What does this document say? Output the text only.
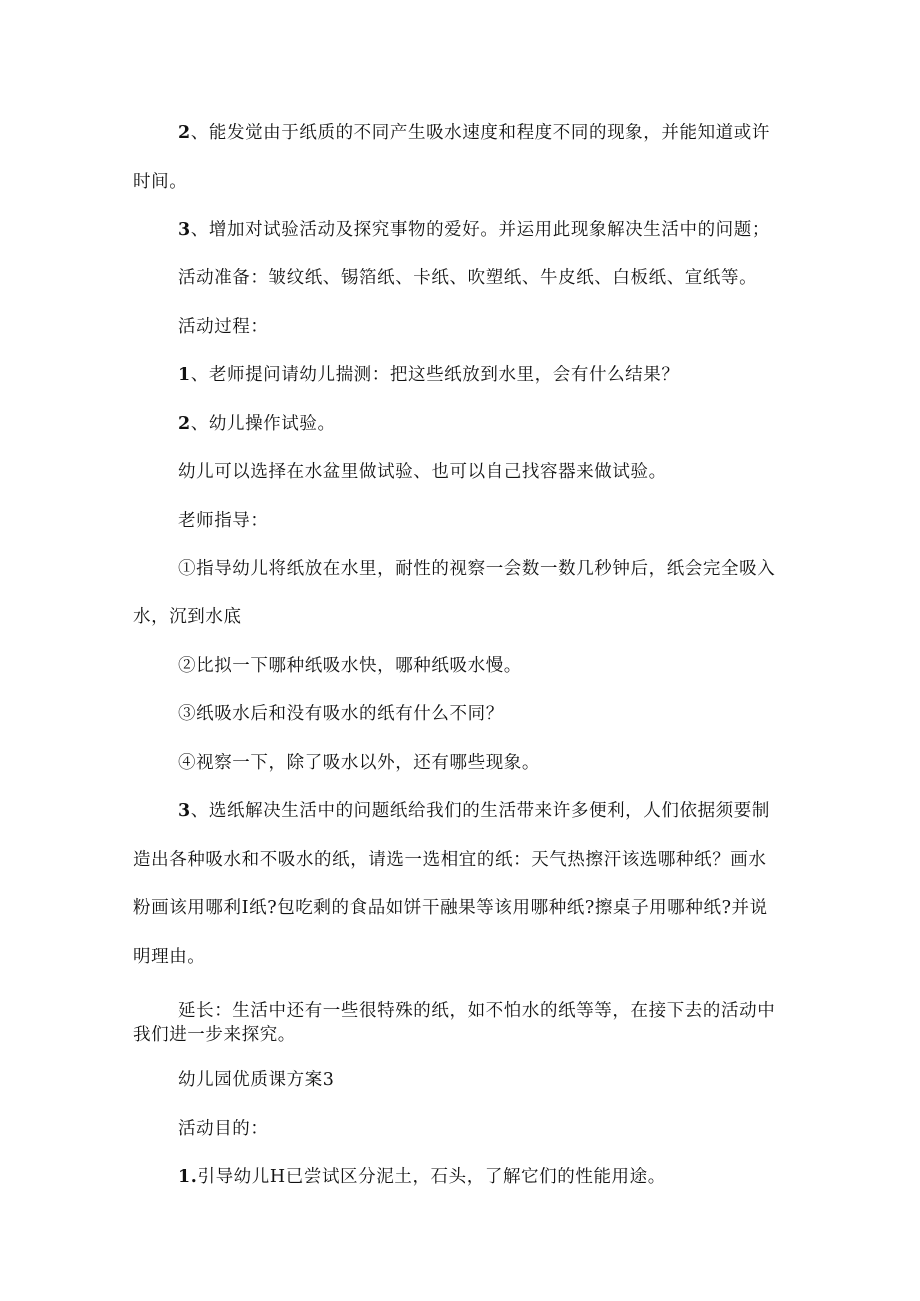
2、能发觉由于纸质的不同产生吸水速度和程度不同的现象，并能知道或许
时间。
3、增加对试验活动及探究事物的爱好。并运用此现象解决生活中的问题；
活动准备：皱纹纸、锡箔纸、卡纸、吹塑纸、牛皮纸、白板纸、宣纸等。
活动过程：
1、老师提问请幼儿揣测：把这些纸放到水里，会有什么结果？
2、幼儿操作试验。
幼儿可以选择在水盆里做试验、也可以自己找容器来做试验。
老师指导：
①指导幼儿将纸放在水里，耐性的视察一会数一数几秒钟后，纸会完全吸入
水，沉到水底
②比拟一下哪种纸吸水快，哪种纸吸水慢。
③纸吸水后和没有吸水的纸有什么不同？
④视察一下，除了吸水以外，还有哪些现象。
3、选纸解决生活中的问题纸给我们的生活带来许多便利，人们依据须要制
造出各种吸水和不吸水的纸，请选一选相宜的纸：天气热擦汗该选哪种纸？画水
粉画该用哪利I纸?包吃剩的食品如饼干融果等该用哪种纸?擦桌子用哪种纸?并说
明理由。
延长：生活中还有一些很特殊的纸，如不怕水的纸等等，在接下去的活动中
我们进一步来探究。
幼儿园优质课方案3
活动目的：
1.引导幼儿H已尝试区分泥土，石头，了解它们的性能用途。
